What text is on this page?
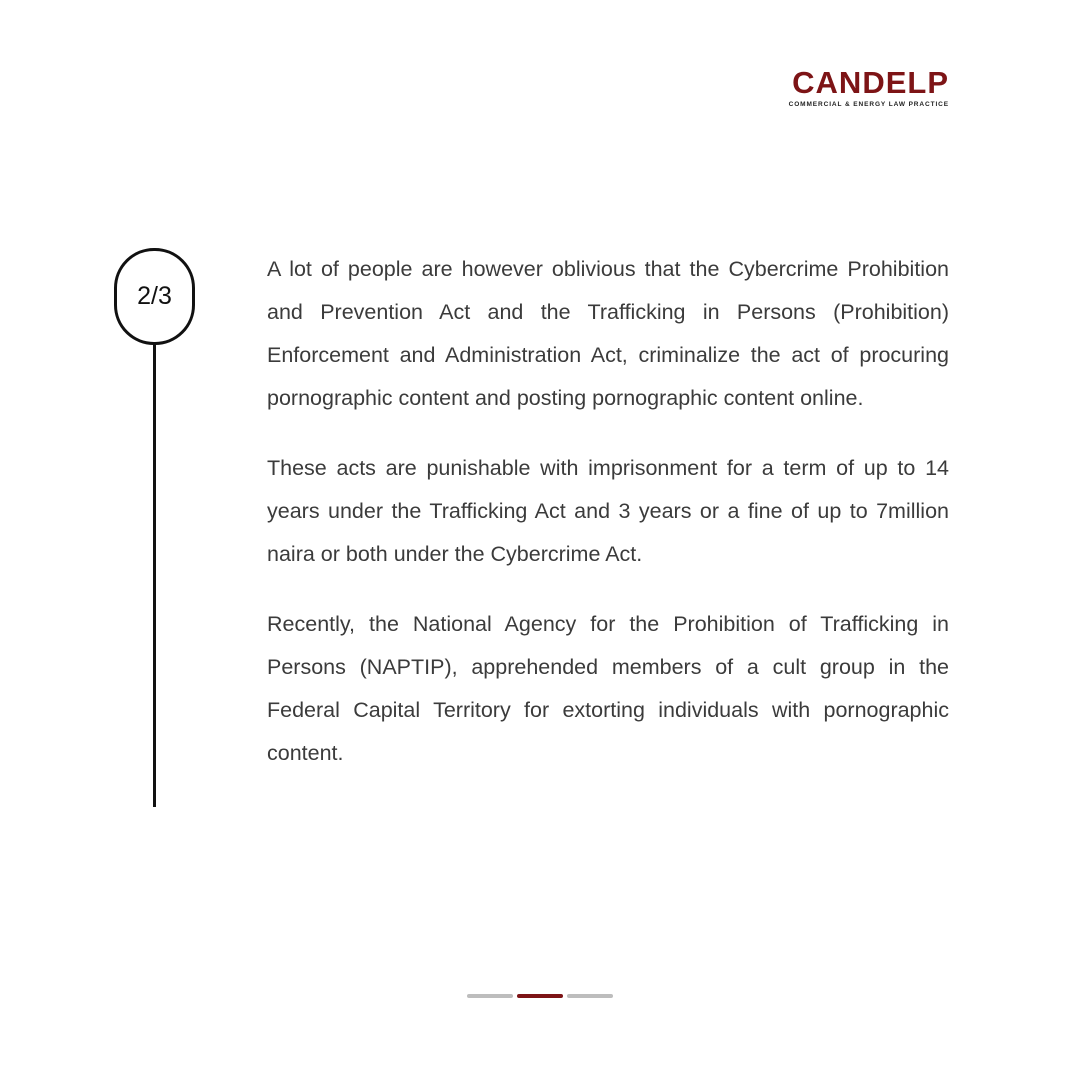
CANDELP
COMMERCIAL & ENERGY LAW PRACTICE
2/3

A lot of people are however oblivious that the Cybercrime Prohibition and Prevention Act and the Trafficking in Persons (Prohibition) Enforcement and Administration Act, criminalize the act of procuring pornographic content and posting pornographic content online.

These acts are punishable with imprisonment for a term of up to 14 years under the Trafficking Act and 3 years or a fine of up to 7million naira or both under the Cybercrime Act.

Recently, the National Agency for the Prohibition of Trafficking in Persons (NAPTIP), apprehended members of a cult group in the Federal Capital Territory for extorting individuals with pornographic content.
